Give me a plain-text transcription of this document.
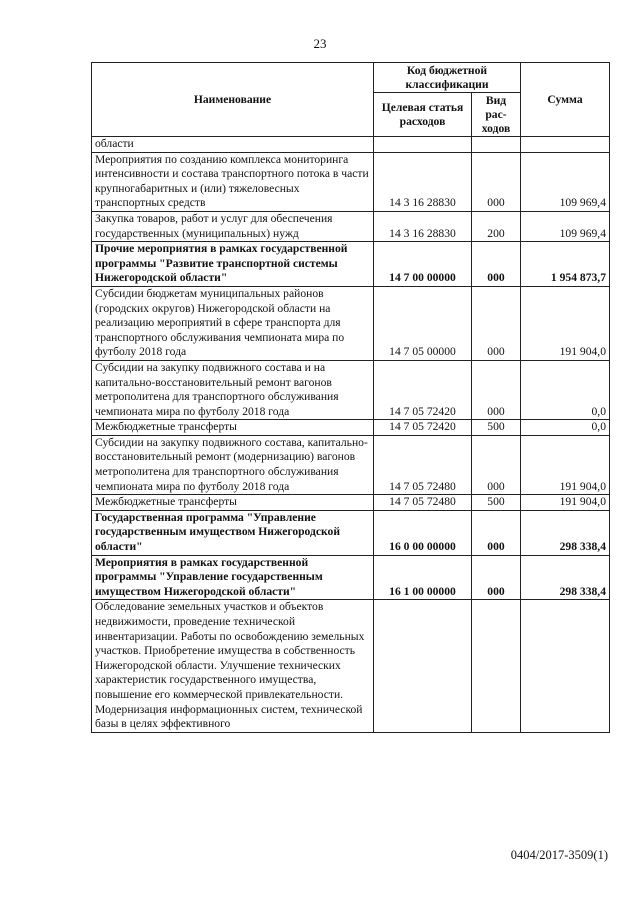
23
Наименование	Код бюджетной классификации		Сумма
	Целевая статья расходов	Вид рас- ходов	
области			
Мероприятия по созданию комплекса мониторинга интенсивности и состава транспортного потока в части крупногабаритных и (или) тяжеловесных транспортных средств	14 3 16 28830	000	109 969,4
Закупка товаров, работ и услуг для обеспечения государственных (муниципальных) нужд	14 3 16 28830	200	109 969,4
Прочие мероприятия в рамках государственной программы "Развитие транспортной системы Нижегородской области"	14 7 00 00000	000	1 954 873,7
Субсидии бюджетам муниципальных районов (городских округов) Нижегородской области на реализацию мероприятий в сфере транспорта для транспортного обслуживания чемпионата мира по футболу 2018 года	14 7 05 00000	000	191 904,0
Субсидии на закупку подвижного состава и на капитально-восстановительный ремонт вагонов метрополитена для транспортного обслуживания чемпионата мира по футболу 2018 года	14 7 05 72420	000	0,0
Межбюджетные трансферты	14 7 05 72420	500	0,0
Субсидии на закупку подвижного состава, капитально-восстановительный ремонт (модернизацию) вагонов метрополитена для транспортного обслуживания чемпионата мира по футболу 2018 года	14 7 05 72480	000	191 904,0
Межбюджетные трансферты	14 7 05 72480	500	191 904,0
Государственная программа "Управление государственным имуществом Нижегородской области"	16 0 00 00000	000	298 338,4
Мероприятия в рамках государственной программы "Управление государственным имуществом Нижегородской области"	16 1 00 00000	000	298 338,4
Обследование земельных участков и объектов недвижимости, проведение технической инвентаризации. Работы по освобождению земельных участков. Приобретение имущества в собственность Нижегородской области. Улучшение технических характеристик государственного имущества, повышение его коммерческой привлекательности. Модернизация информационных систем, технической базы в целях эффективного			
0404/2017-3509(1)
